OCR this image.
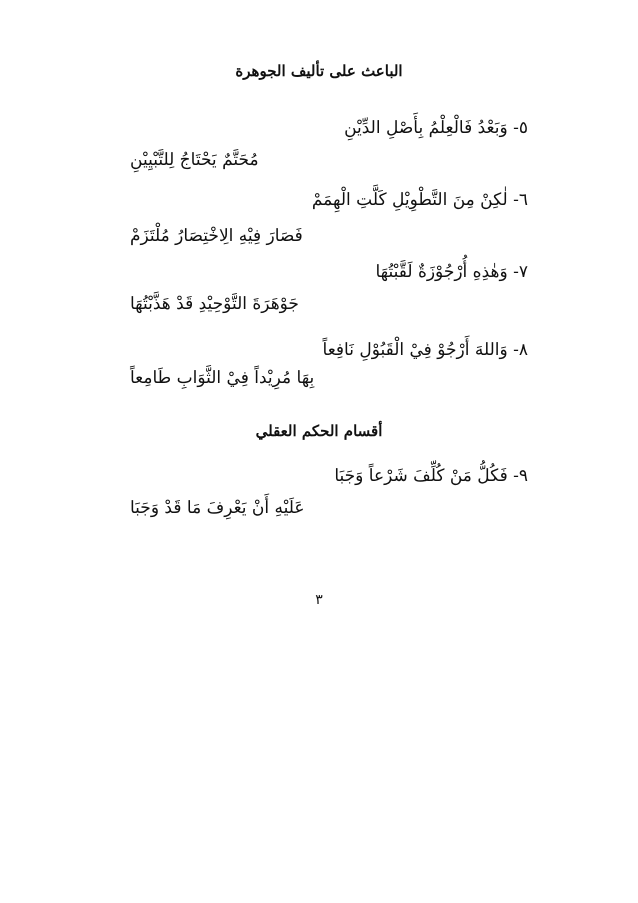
الباعث على تأليف الجوهرة
٥- وَبَعْدُ فَالْعِلْمُ بِأَصْلِ الدِّيْنِ
مُحَتَّمٌ يَحْتَاجُ لِلتَّبْيِيْنِ
٦- لٰكِنْ مِنَ التَّطْوِيْلِ كَلَّتِ الْهِمَمْ
فَصَارَ فِيْهِ الِاخْتِصَارُ مُلْتَزَمْ
٧- وَهٰذِهِ أُرْجُوْزَةٌ لَقَّبْتُهَا
جَوْهَرَةَ التَّوْحِيْدِ قَدْ هَذَّبْتُهَا
٨- وَاللهَ أَرْجُوْ فِيْ الْقَبُوْلِ نَافِعاً
بِهَا مُرِيْداً فِيْ الثَّوَابِ طَامِعاً
أقسام الحكم العقلي
٩- فَكُلُّ مَنْ كُلِّفَ شَرْعاً وَجَبَا
عَلَيْهِ أَنْ يَعْرِفَ مَا قَدْ وَجَبَا
٣
